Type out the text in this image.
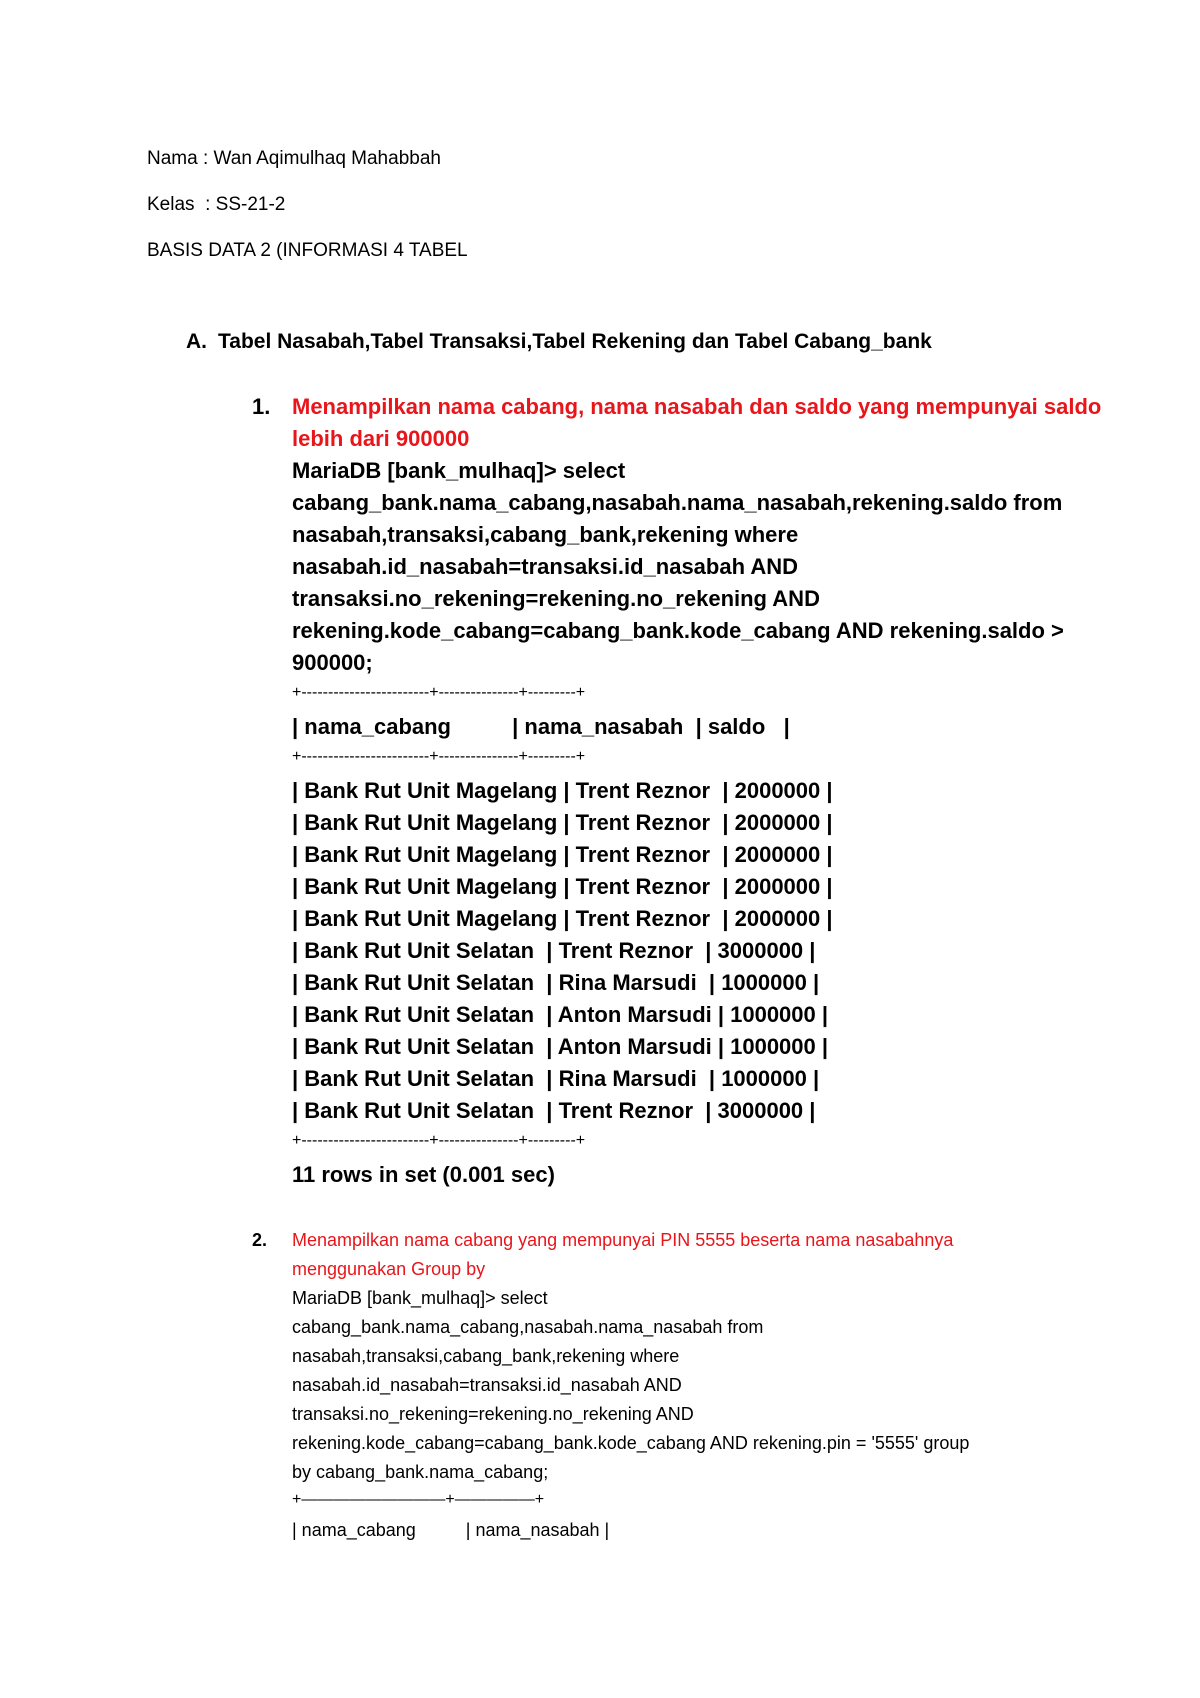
Nama : Wan Aqimulhaq Mahabbah
Kelas  : SS-21-2
BASIS DATA 2 (INFORMASI 4 TABEL
A. Tabel Nasabah,Tabel Transaksi,Tabel Rekening dan Tabel Cabang_bank
1. Menampilkan nama cabang, nama nasabah dan saldo yang mempunyai saldo
lebih dari 900000
MariaDB [bank_mulhaq]> select
cabang_bank.nama_cabang,nasabah.nama_nasabah,rekening.saldo from
nasabah,transaksi,cabang_bank,rekening where
nasabah.id_nasabah=transaksi.id_nasabah AND
transaksi.no_rekening=rekening.no_rekening AND
rekening.kode_cabang=cabang_bank.kode_cabang AND rekening.saldo >
900000;
+------------------------+---------------+---------+
| nama_cabang          | nama_nasabah  | saldo   |
+------------------------+---------------+---------+
| Bank Rut Unit Magelang | Trent Reznor  | 2000000 |
| Bank Rut Unit Magelang | Trent Reznor  | 2000000 |
| Bank Rut Unit Magelang | Trent Reznor  | 2000000 |
| Bank Rut Unit Magelang | Trent Reznor  | 2000000 |
| Bank Rut Unit Magelang | Trent Reznor  | 2000000 |
| Bank Rut Unit Selatan  | Trent Reznor  | 3000000 |
| Bank Rut Unit Selatan  | Rina Marsudi  | 1000000 |
| Bank Rut Unit Selatan  | Anton Marsudi | 1000000 |
| Bank Rut Unit Selatan  | Anton Marsudi | 1000000 |
| Bank Rut Unit Selatan  | Rina Marsudi  | 1000000 |
| Bank Rut Unit Selatan  | Trent Reznor  | 3000000 |
+------------------------+---------------+---------+
11 rows in set (0.001 sec)
2. Menampilkan nama cabang yang mempunyai PIN 5555 beserta nama nasabahnya
menggunakan Group by
MariaDB [bank_mulhaq]> select
cabang_bank.nama_cabang,nasabah.nama_nasabah from
nasabah,transaksi,cabang_bank,rekening where
nasabah.id_nasabah=transaksi.id_nasabah AND
transaksi.no_rekening=rekening.no_rekening AND
rekening.kode_cabang=cabang_bank.kode_cabang AND rekening.pin = '5555' group
by cabang_bank.nama_cabang;
+—————————+—————+
| nama_cabang          | nama_nasabah |
